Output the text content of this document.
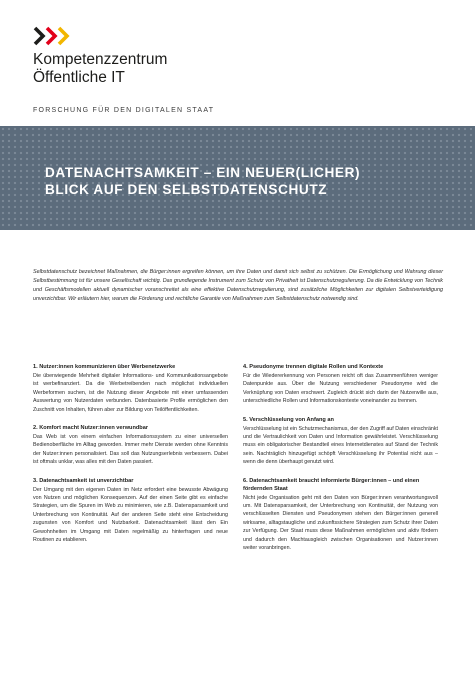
Kompetenzzentrum
Öffentliche IT
FORSCHUNG FÜR DEN DIGITALEN STAAT
DATENACHTSAMKEIT – EIN NEUER(LICHER)
BLICK AUF DEN SELBSTDATENSCHUTZ
Selbstdatenschutz bezeichnet Maßnahmen, die Bürger:innen ergreifen können, um ihre Daten und damit sich selbst zu schützen. Die Ermöglichung und Wahrung dieser Selbstbestimmung ist für unsere Gesellschaft wichtig. Das grundlegende Instrument zum Schutz von Privatheit ist Datenschutzregulierung. Da die Entwicklung von Technik und Geschäftsmodellen aktuell dynamischer voranschreitet als eine effektive Datenschutzregulierung, sind zusätzliche Möglichkeiten zur digitalen Selbstverteidigung unverzichtbar. Wir erläutern hier, warum die Förderung und rechtliche Garantie von Maßnahmen zum Selbstdatenschutz notwendig sind.
1. Nutzer:innen kommunizieren über Werbenetzwerke

Die überwiegende Mehrheit digitaler Informations- und Kommunikationsangebote ist werbefinanziert. Da die Werbetreibenden nach möglichst individuellen Werbeformen suchen, ist die Nutzung dieser Angebote mit einer umfassenden Auswertung von Nutzerdaten verbunden. Datenbasierte Profile ermöglichen den Zuschnitt von Inhalten, führen aber zur Bildung von Teilöffentlichkeiten.

2. Komfort macht Nutzer:innen verwundbar

Das Web ist von einem einfachen Informationssystem zu einer universellen Bedienoberfläche im Alltag geworden. Immer mehr Dienste werden ohne Kenntnis der Nutzer:innen personalisiert. Das soll das Nutzungserlebnis verbessern. Dabei ist oftmals unklar, was alles mit den Daten passiert.

3. Datenachtsamkeit ist unverzichtbar

Der Umgang mit den eigenen Daten im Netz erfordert eine bewusste Abwägung von Nutzen und möglichen Konsequenzen. Auf der einen Seite gibt es einfache Strategien, um die Spuren im Web zu minimieren, wie z.B. Datensparsamkeit und Unterbrechung von Kontinuität. Auf der anderen Seite steht eine Entscheidung zugunsten von Komfort und Nutzbarkeit. Datenachtsamkeit lässt den Ein Gewohnheiten im Umgang mit Daten regelmäßig zu hinterfragen und neue Routinen zu etablieren.

4. Pseudonyme trennen digitale Rollen und Kontexte

Für die Wiedererkennung von Personen reicht oft das Zusammenführen weniger Datenpunkte aus. Über die Nutzung verschiedener Pseudonyme wird die Verknüpfung von Daten erschwert. Zugleich drückt sich darin der Nutzerwille aus, unterschiedliche Rollen und Informationskontexte voneinander zu trennen.

5. Verschlüsselung von Anfang an

Verschlüsselung ist ein Schutzmechanismus, der den Zugriff auf Daten einschränkt und die Vertraulichkeit von Daten und Information gewährleistet. Verschlüsselung muss ein obligatorischer Bestandteil eines Internetdienstes auf Stand der Technik sein. Nachträglich hinzugefügt schöpft Verschlüsselung ihr Potential nicht aus – wenn die denn überhaupt genutzt wird.

6. Datenachtsamkeit braucht informierte Bürger:innen – und einen fördernden Staat

Nicht jede Organisation geht mit den Daten von Bürger:innen verantwortungsvoll um. Mit Datensparsamkeit, der Unterbrechung von Kontinuität, der Nutzung von verschlüsselten Diensten und Pseudonymen stehen den Bürger:innen generell wirksame, alltagstaugliche und zukunftssichere Strategien zum Schutz ihrer Daten zur Verfügung. Der Staat muss diese Maßnahmen ermöglichen und aktiv fördern und dadurch den Machtausgleich zwischen Organisationen und Nutzer:innen weiter voranbringen.
